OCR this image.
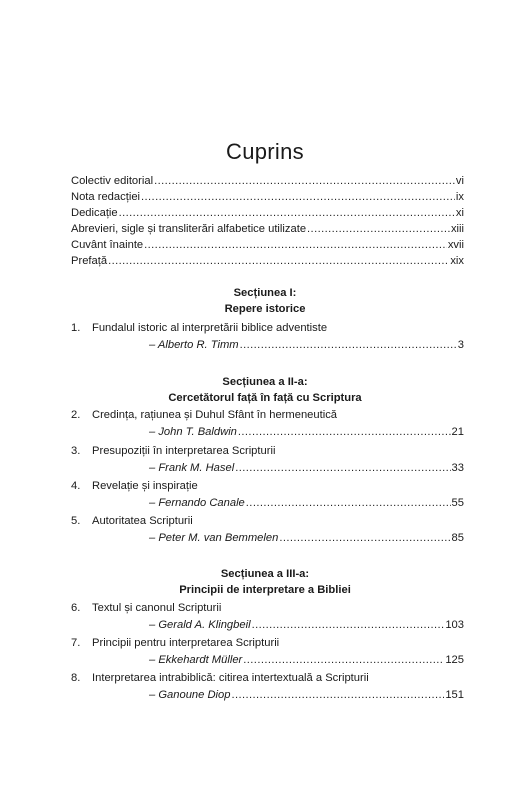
Cuprins
Colectiv editorial .....	vi
Nota redacției .....	ix
Dedicație .....	xi
Abrevieri, sigle și transliterări alfabetice utilizate .....	xiii
Cuvânt înainte .....	xvii
Prefață .....	xix
Secțiunea I:
Repere istorice
1.	Fundalul istoric al interpretării biblice adventiste
– Alberto R. Timm .....	3
Secțiunea a II-a:
Cercetătorul față în față cu Scriptura
2.	Credința, rațiunea și Duhul Sfânt în hermeneutică
– John T. Baldwin .....	21
3.	Presupoziții în interpretarea Scripturii
– Frank M. Hasel .....	33
4.	Revelație și inspirație
– Fernando Canale .....	55
5.	Autoritatea Scripturii
– Peter M. van Bemmelen .....	85
Secțiunea a III-a:
Principii de interpretare a Bibliei
6.	Textul și canonul Scripturii
– Gerald A. Klingbeil .....	103
7.	Principii pentru interpretarea Scripturii
– Ekkehardt Müller .....	125
8.	Interpretarea intrabiblică: citirea intertextuală a Scripturii
– Ganoune Diop .....	151
